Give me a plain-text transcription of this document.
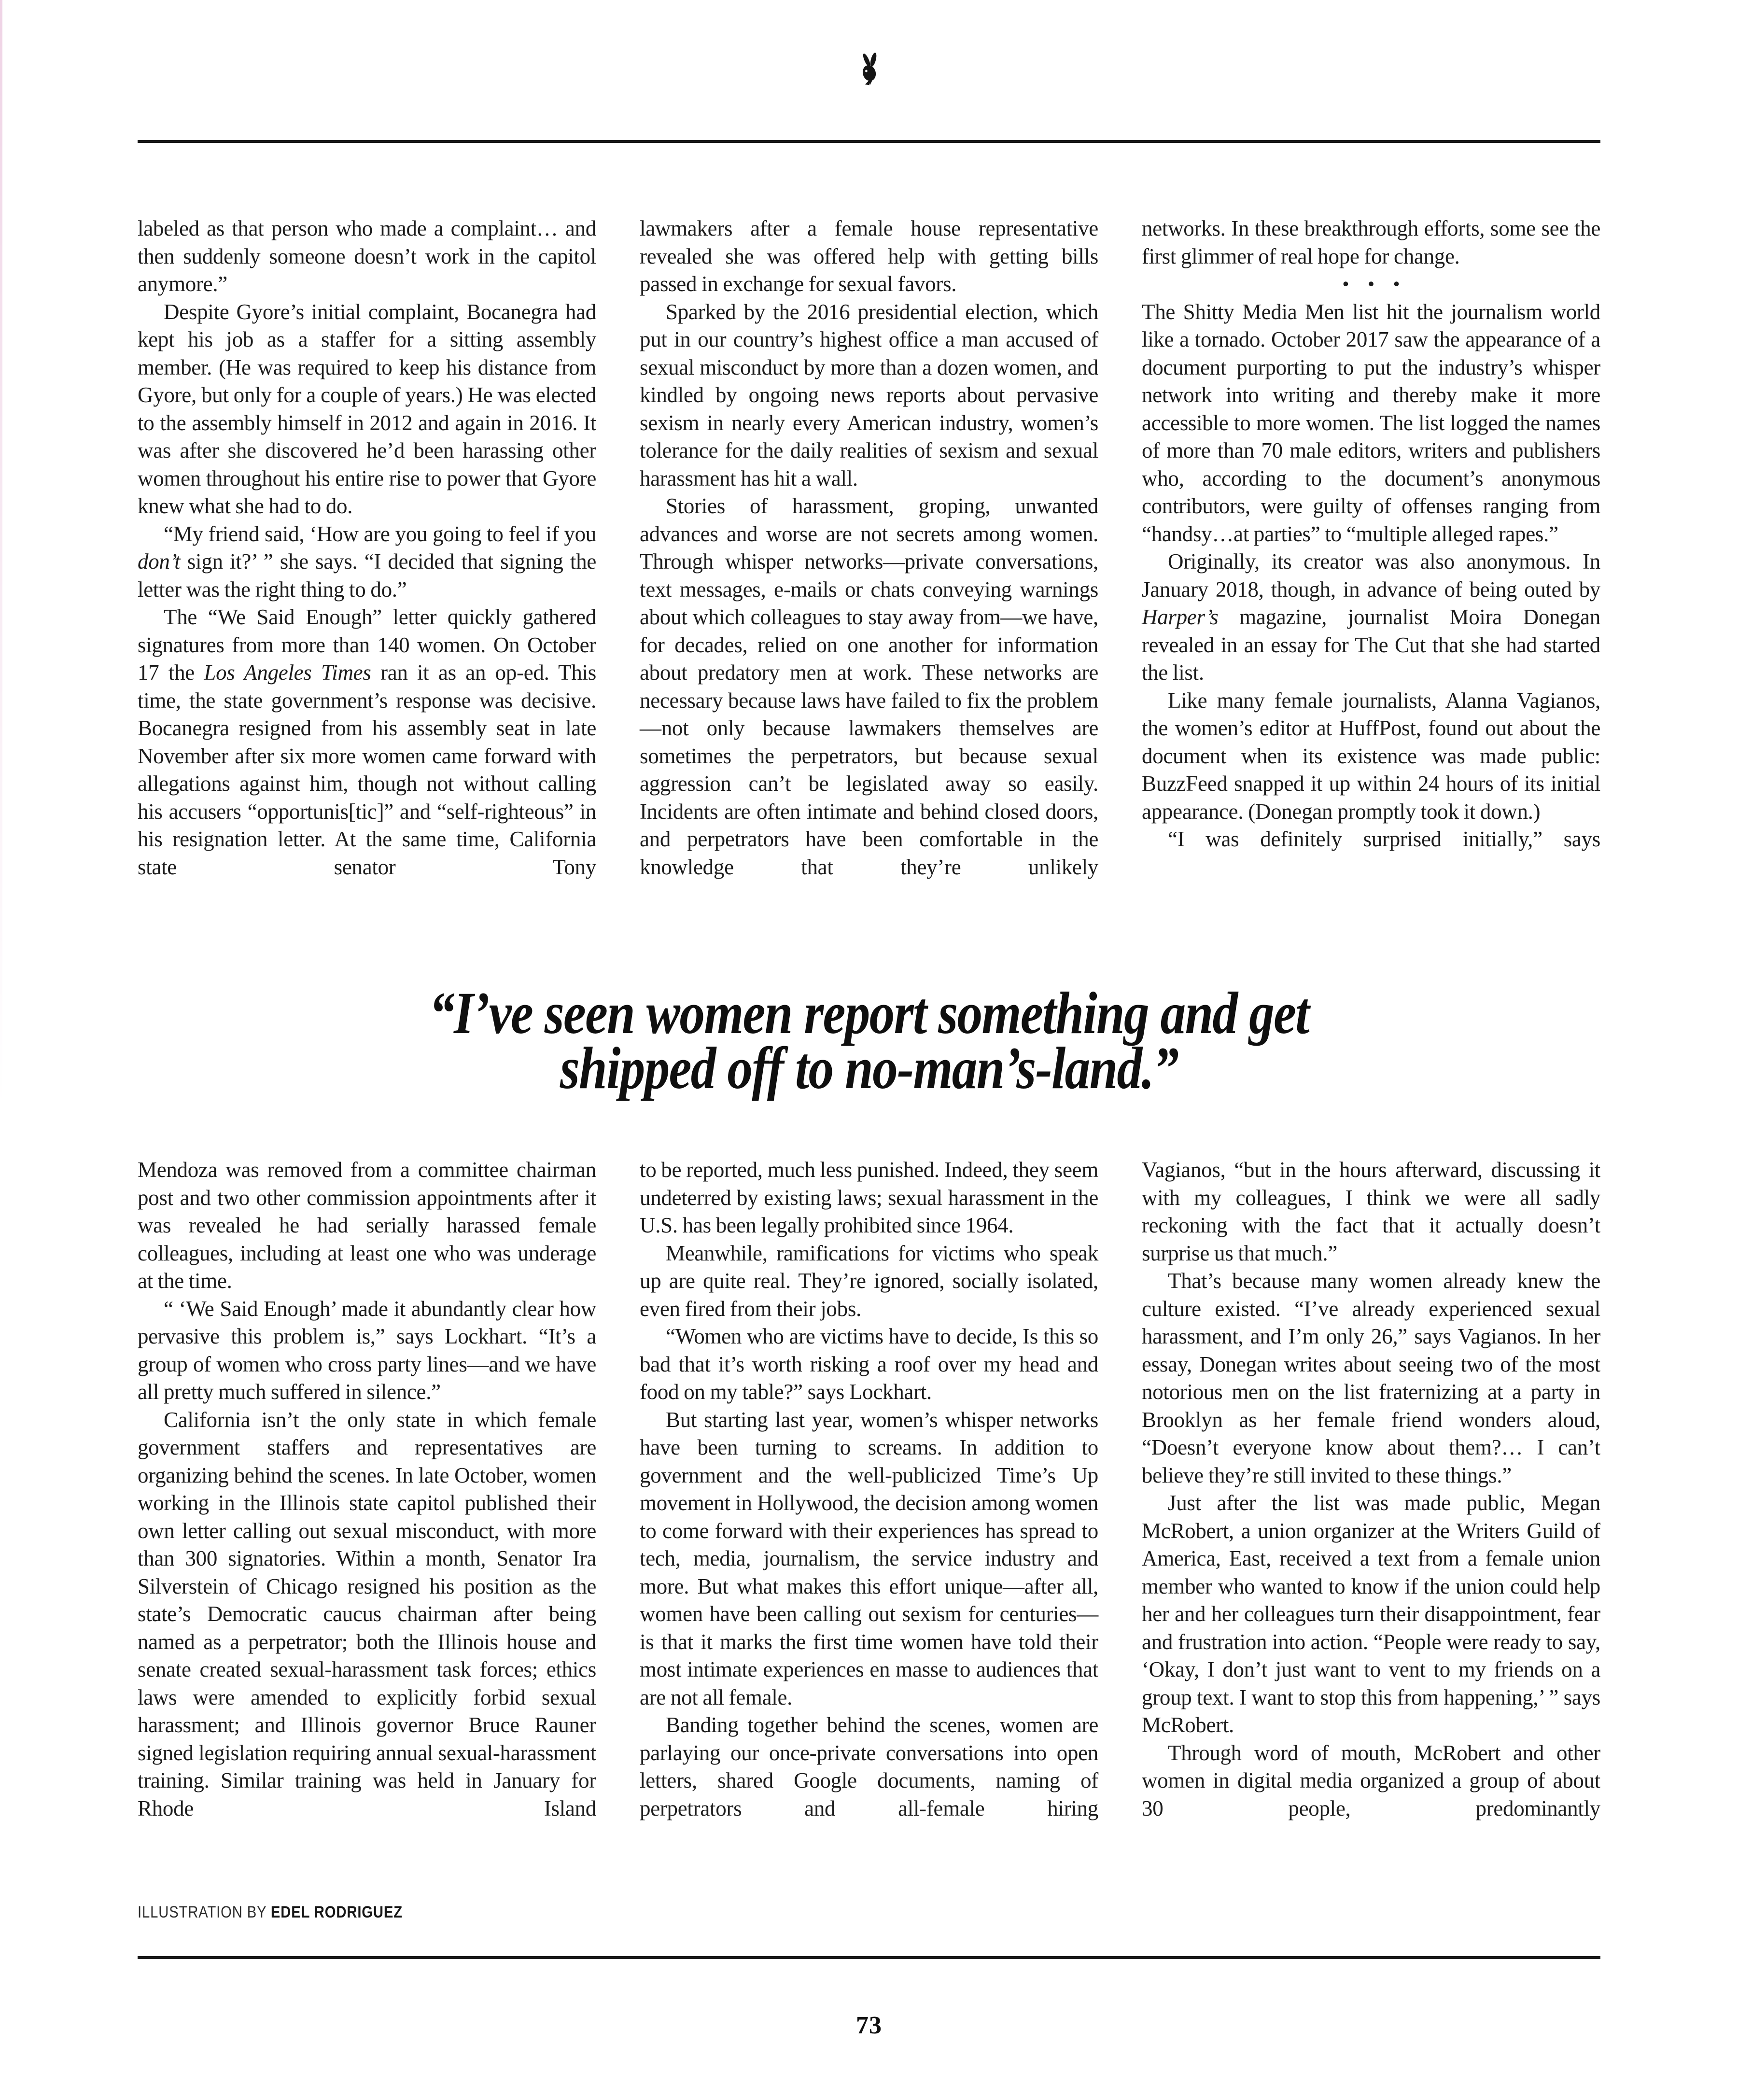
labeled as that person who made a complaint… and then suddenly someone doesn’t work in the capitol anymore.”

Despite Gyore’s initial complaint, Bocanegra had kept his job as a staffer for a sitting assembly member. (He was required to keep his distance from Gyore, but only for a couple of years.) He was elected to the assembly himself in 2012 and again in 2016. It was after she discovered he’d been harassing other women throughout his entire rise to power that Gyore knew what she had to do.

“My friend said, ‘How are you going to feel if you don’t sign it?’ ” she says. “I decided that signing the letter was the right thing to do.”

The “We Said Enough” letter quickly gathered signatures from more than 140 women. On October 17 the Los Angeles Times ran it as an op-ed. This time, the state government’s response was decisive. Bocanegra resigned from his assembly seat in late November after six more women came forward with allegations against him, though not without calling his accusers “opportunis[tic]” and “self-righteous” in his resignation letter. At the same time, California state senator Tony

lawmakers after a female house representative revealed she was offered help with getting bills passed in exchange for sexual favors.

Sparked by the 2016 presidential election, which put in our country’s highest office a man accused of sexual misconduct by more than a dozen women, and kindled by ongoing news reports about pervasive sexism in nearly every American industry, women’s tolerance for the daily realities of sexism and sexual harassment has hit a wall.

Stories of harassment, groping, unwanted advances and worse are not secrets among women. Through whisper networks—private conversations, text messages, e-mails or chats conveying warnings about which colleagues to stay away from—we have, for decades, relied on one another for information about predatory men at work. These networks are necessary because laws have failed to fix the problem—not only because lawmakers themselves are sometimes the perpetrators, but because sexual aggression can’t be legislated away so easily. Incidents are often intimate and behind closed doors, and perpetrators have been comfortable in the knowledge that they’re unlikely

networks. In these breakthrough efforts, some see the first glimmer of real hope for change.

• • •

The Shitty Media Men list hit the journalism world like a tornado. October 2017 saw the appearance of a document purporting to put the industry’s whisper network into writing and thereby make it more accessible to more women. The list logged the names of more than 70 male editors, writers and publishers who, according to the document’s anonymous contributors, were guilty of offenses ranging from “handsy…at parties” to “multiple alleged rapes.”

Originally, its creator was also anonymous. In January 2018, though, in advance of being outed by Harper’s magazine, journalist Moira Donegan revealed in an essay for The Cut that she had started the list.

Like many female journalists, Alanna Vagianos, the women’s editor at HuffPost, found out about the document when its existence was made public: BuzzFeed snapped it up within 24 hours of its initial appearance. (Donegan promptly took it down.)

“I was definitely surprised initially,” says

“I’ve seen women report something and get
shipped off to no-man’s-land.”

Mendoza was removed from a committee chairman post and two other commission appointments after it was revealed he had serially harassed female colleagues, including at least one who was underage at the time.

“ ‘We Said Enough’ made it abundantly clear how pervasive this problem is,” says Lockhart. “It’s a group of women who cross party lines—and we have all pretty much suffered in silence.”

California isn’t the only state in which female government staffers and representatives are organizing behind the scenes. In late October, women working in the Illinois state capitol published their own letter calling out sexual misconduct, with more than 300 signatories. Within a month, Senator Ira Silverstein of Chicago resigned his position as the state’s Democratic caucus chairman after being named as a perpetrator; both the Illinois house and senate created sexual-harassment task forces; ethics laws were amended to explicitly forbid sexual harassment; and Illinois governor Bruce Rauner signed legislation requiring annual sexual-harassment training. Similar training was held in January for Rhode Island

to be reported, much less punished. Indeed, they seem undeterred by existing laws; sexual harassment in the U.S. has been legally prohibited since 1964.

Meanwhile, ramifications for victims who speak up are quite real. They’re ignored, socially isolated, even fired from their jobs.

“Women who are victims have to decide, Is this so bad that it’s worth risking a roof over my head and food on my table?” says Lockhart.

But starting last year, women’s whisper networks have been turning to screams. In addition to government and the well-publicized Time’s Up movement in Hollywood, the decision among women to come forward with their experiences has spread to tech, media, journalism, the service industry and more. But what makes this effort unique—after all, women have been calling out sexism for centuries—is that it marks the first time women have told their most intimate experiences en masse to audiences that are not all female.

Banding together behind the scenes, women are parlaying our once-private conversations into open letters, shared Google documents, naming of perpetrators and all-female hiring

Vagianos, “but in the hours afterward, discussing it with my colleagues, I think we were all sadly reckoning with the fact that it actually doesn’t surprise us that much.”

That’s because many women already knew the culture existed. “I’ve already experienced sexual harassment, and I’m only 26,” says Vagianos. In her essay, Donegan writes about seeing two of the most notorious men on the list fraternizing at a party in Brooklyn as her female friend wonders aloud, “Doesn’t everyone know about them?… I can’t believe they’re still invited to these things.”

Just after the list was made public, Megan McRobert, a union organizer at the Writers Guild of America, East, received a text from a female union member who wanted to know if the union could help her and her colleagues turn their disappointment, fear and frustration into action. “People were ready to say, ‘Okay, I don’t just want to vent to my friends on a group text. I want to stop this from happening,’ ” says McRobert.

Through word of mouth, McRobert and other women in digital media organized a group of about 30 people, predominantly

ILLUSTRATION BY EDEL RODRIGUEZ
73
